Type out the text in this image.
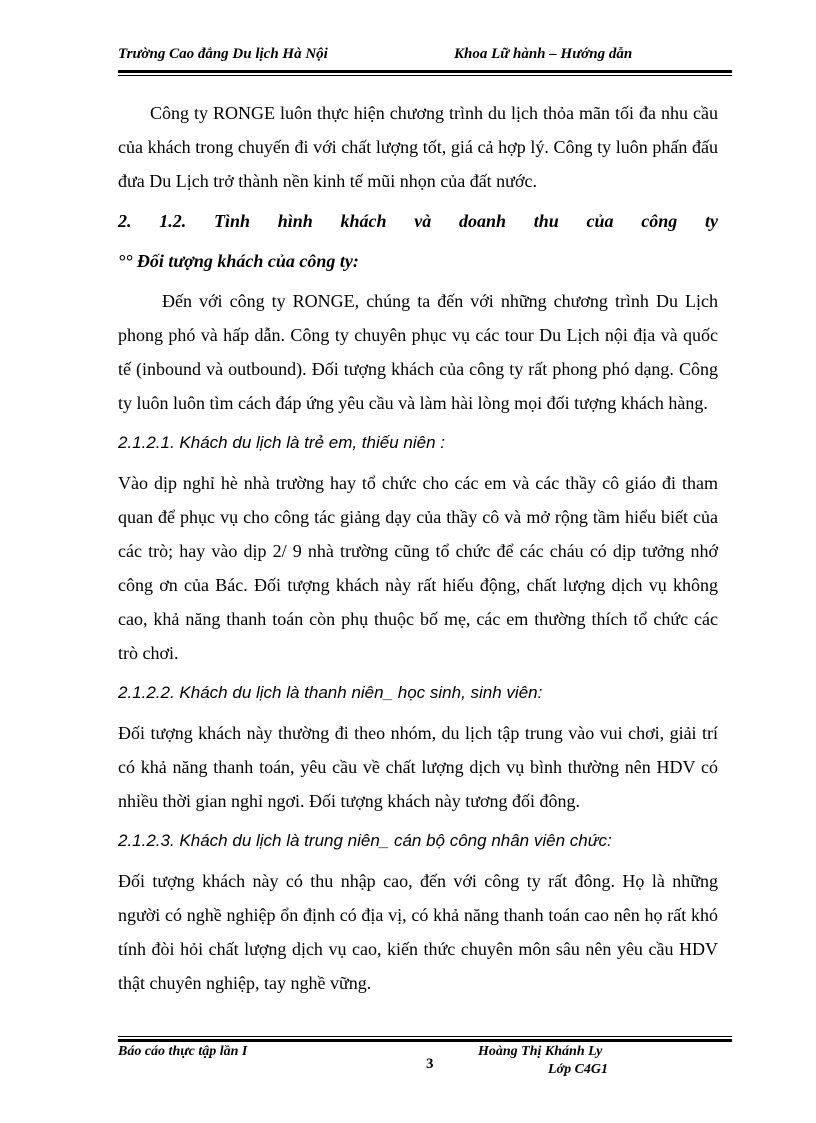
Trường Cao đẳng Du lịch Hà Nội	Khoa Lữ hành – Hướng dẫn

Công ty RONGE luôn thực hiện chương trình du lịch thỏa mãn tối đa nhu cầu của khách trong chuyến đi với chất lượng tốt, giá cả hợp lý. Công ty luôn phấn đấu đưa Du Lịch trở thành nền kinh tế mũi nhọn của đất nước.

2. 1.2. Tình hình khách và doanh thu của công ty

°° Đối tượng khách của công ty:

Đến với công ty RONGE, chúng ta đến với những chương trình Du Lịch phong phó và hấp dẫn. Công ty chuyên phục vụ các tour Du Lịch nội địa và quốc tế (inbound và outbound). Đối tượng khách của công ty rất phong phó dạng. Công ty luôn luôn tìm cách đáp ứng yêu cầu và làm hài lòng mọi đối tượng khách hàng.

2.1.2.1. Khách du lịch là trẻ em, thiếu niên :

Vào dịp nghỉ hè nhà trường hay tổ chức cho các em và các thầy cô giáo đi tham quan để phục vụ cho công tác giảng dạy của thầy cô và mở rộng tầm hiểu biết của các trò; hay vào dịp 2/ 9 nhà trường cũng tổ chức để các cháu có dịp tưởng nhớ công ơn của Bác. Đối tượng khách này rất hiếu động, chất lượng dịch vụ không cao, khả năng thanh toán còn phụ thuộc bố mẹ, các em thường thích tổ chức các trò chơi.

2.1.2.2. Khách du lịch là thanh niên_ học sinh, sinh viên:

Đối tượng khách này thường đi theo nhóm, du lịch tập trung vào vui chơi, giải trí có khả năng thanh toán, yêu cầu về chất lượng dịch vụ bình thường nên HDV có nhiều thời gian nghỉ ngơi. Đối tượng khách này tương đối đông.

2.1.2.3. Khách du lịch là trung niên_ cán bộ công nhân viên chức:

Đối tượng khách này có thu nhập cao, đến với công ty rất đông. Họ là những người có nghề nghiệp ổn định có địa vị, có khả năng thanh toán cao nên họ rất khó tính đòi hỏi chất lượng dịch vụ cao, kiến thức chuyên môn sâu nên yêu cầu HDV thật chuyên nghiệp, tay nghề vững.

Báo cáo thực tập lần I
3
Hoàng Thị Khánh Ly
Lớp C4G1
